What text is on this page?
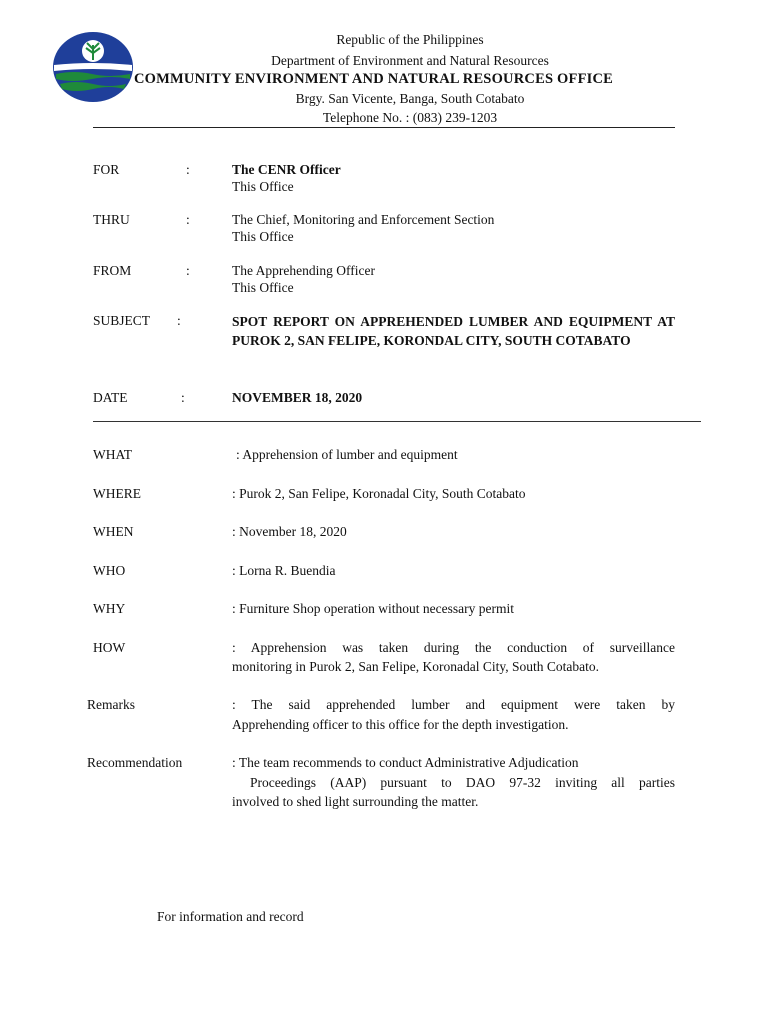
Republic of the Philippines
Department of Environment and Natural Resources
COMMUNITY ENVIRONMENT AND NATURAL RESOURCES OFFICE
Brgy. San Vicente, Banga, South Cotabato
Telephone No. : (083) 239-1203
FOR	:	The CENR Officer
This Office
THRU	:	The Chief, Monitoring and Enforcement Section
This Office
FROM	:	The Apprehending Officer
This Office
SUBJECT :	SPOT REPORT ON APPREHENDED LUMBER AND EQUIPMENT AT PUROK 2, SAN FELIPE, KORONDAL CITY, SOUTH COTABATO
DATE	:	NOVEMBER 18, 2020
WHAT	: Apprehension of lumber and equipment
WHERE	: Purok 2, San Felipe, Koronadal City, South Cotabato
WHEN	: November 18, 2020
WHO	: Lorna R. Buendia
WHY	: Furniture Shop operation without necessary permit
HOW	: Apprehension was taken during the conduction of surveillance
monitoring in Purok 2, San Felipe, Koronadal City, South Cotabato.
Remarks	: The said apprehended lumber and equipment were taken by
Apprehending officer to this office for the depth investigation.
Recommendation	: The team recommends to conduct Administrative Adjudication
Proceedings (AAP) pursuant to DAO 97-32 inviting all parties
involved to shed light surrounding the matter.
For information and record
